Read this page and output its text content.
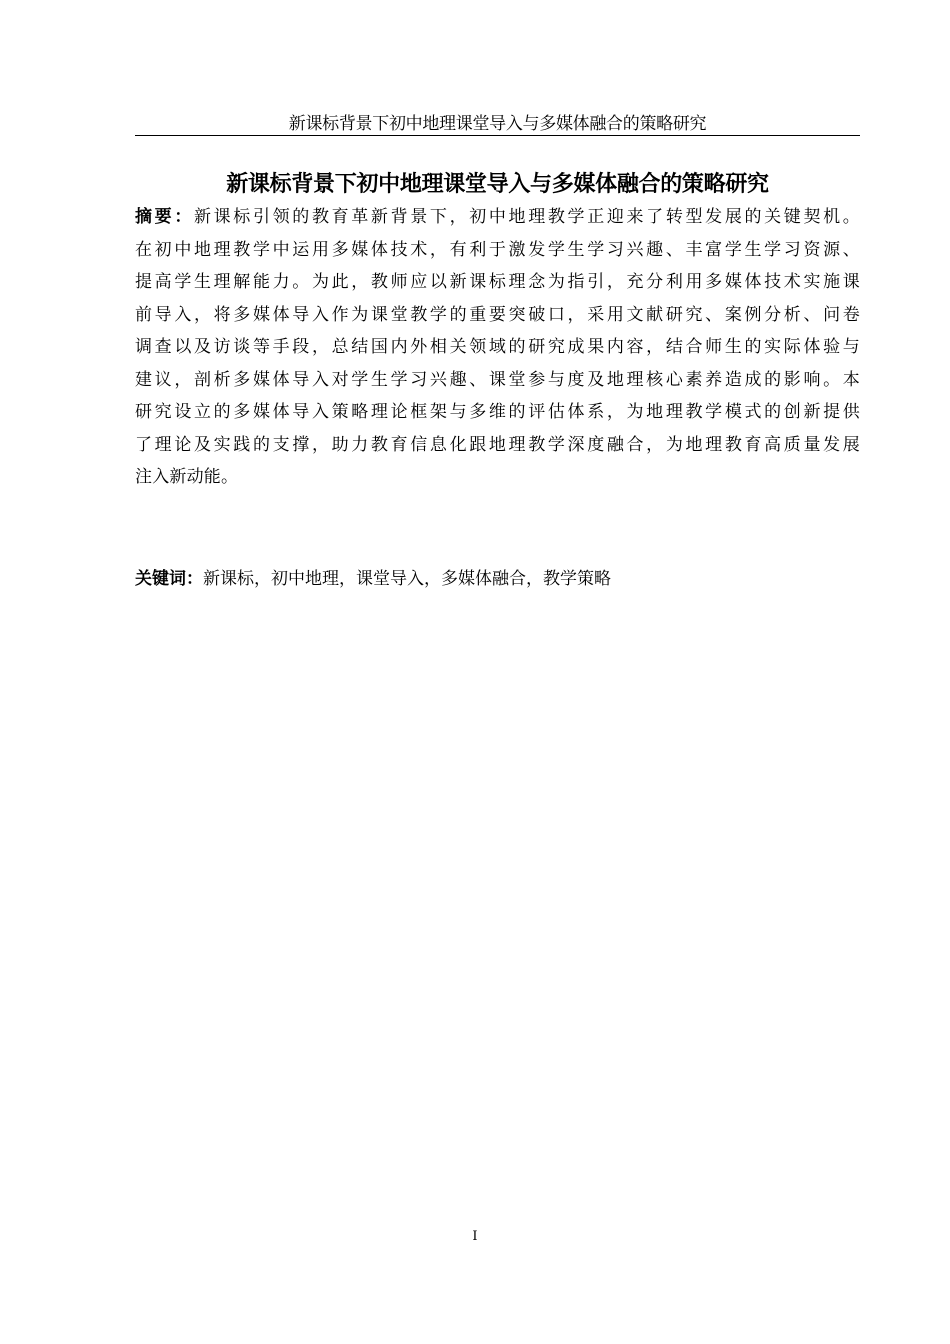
新课标背景下初中地理课堂导入与多媒体融合的策略研究
新课标背景下初中地理课堂导入与多媒体融合的策略研究
摘要：新课标引领的教育革新背景下，初中地理教学正迎来了转型发展的关键契机。
在初中地理教学中运用多媒体技术，有利于激发学生学习兴趣、丰富学生学习资源、
提高学生理解能力。为此，教师应以新课标理念为指引，充分利用多媒体技术实施课
前导入，将多媒体导入作为课堂教学的重要突破口，采用文献研究、案例分析、问卷
调查以及访谈等手段，总结国内外相关领域的研究成果内容，结合师生的实际体验与
建议，剖析多媒体导入对学生学习兴趣、课堂参与度及地理核心素养造成的影响。本
研究设立的多媒体导入策略理论框架与多维的评估体系，为地理教学模式的创新提供
了理论及实践的支撑，助力教育信息化跟地理教学深度融合，为地理教育高质量发展
注入新动能。
关键词：新课标，初中地理，课堂导入，多媒体融合，教学策略
I
